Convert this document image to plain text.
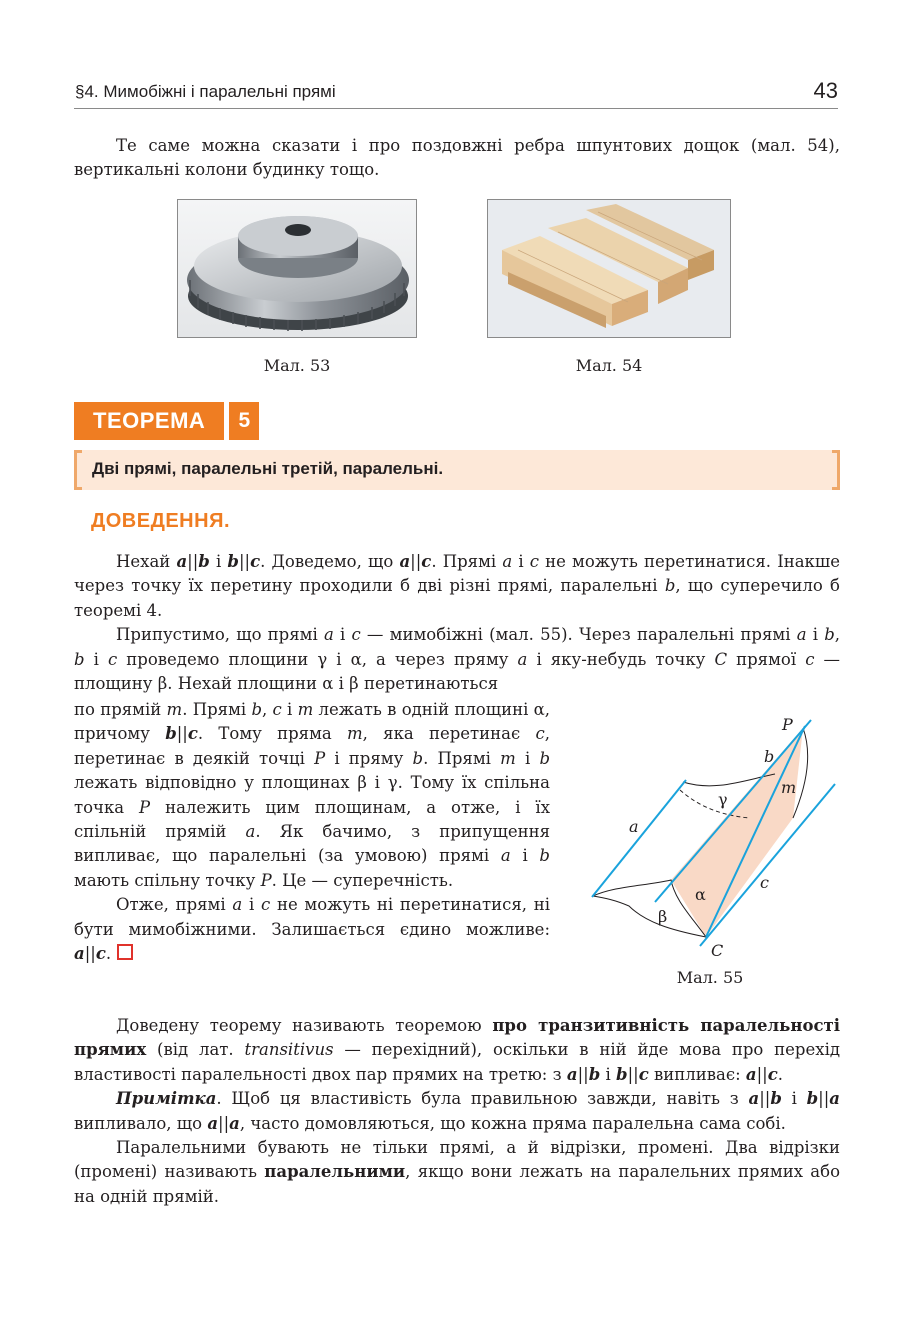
§4. Мимобіжні і паралельні прямі	43
Те саме можна сказати і про поздовжні ребра шпунтових дощок (мал. 54),
вертикальні колони будинку тощо.
Мал. 53	Мал. 54
ТЕОРЕМА	5
Дві прямі, паралельні третій, паралельні.
ДОВЕДЕННЯ.

Нехай a||b і b||c. Доведемо, що a||c. Прямі a і c не можуть перетинатися. Інакше через точку їх перетину проходили б дві різні прямі, паралельні b, що суперечило б теоремі 4.

Припустимо, що прямі a і c — мимобіжні (мал. 55). Через паралельні прямі a і b, b і c проведемо площини γ і α, а через пряму a і яку-небудь точку C прямої c — площину β. Нехай площини α і β перетинаються

по прямій m. Прямі b, c і m лежать в одній площині α, причому b||c. Тому пряма m, яка перетинає c, перетинає в деякій точці P і пряму b. Прямі m і b лежать відповідно у площинах β і γ. Тому їх спільна точка P належить цим площинам, а отже, і їх спільній прямій a. Як бачимо, з припущення випливає, що паралельні (за умовою) прямі a і b мають спільну точку P. Це — суперечність.

Отже, прямі a і c не можуть ні перетинатися, ні бути мимобіжними. Залишається єдино можливе: a||c.

P
b
m
a
c
C
γ
α
β
Мал. 55

Доведену теорему називають теоремою про транзитивність паралельності прямих (від лат. transitivus — перехідний), оскільки в ній йде мова про перехід властивості паралельності двох пар прямих на третю: з a||b і b||c випливає: a||c.

Примітка. Щоб ця властивість була правильною завжди, навіть з a||b і b||a випливало, що a||a, часто домовляються, що кожна пряма паралельна сама собі.

Паралельними бувають не тільки прямі, а й відрізки, промені. Два відрізки (промені) називають паралельними, якщо вони лежать на паралельних прямих або на одній прямій.
